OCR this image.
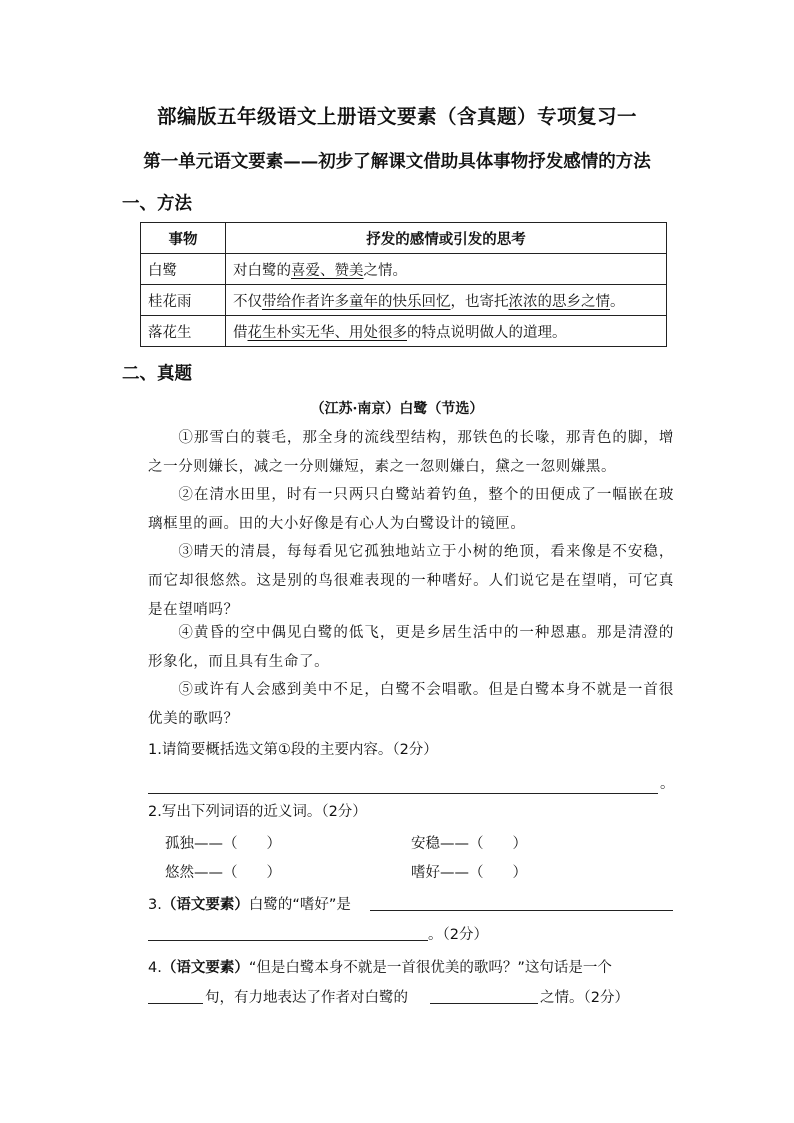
部编版五年级语文上册语文要素（含真题）专项复习一
第一单元语文要素——初步了解课文借助具体事物抒发感情的方法
一、方法
事物	抒发的感情或引发的思考
白鹭	对白鹭的喜爱、赞美之情。
桂花雨	不仅带给作者许多童年的快乐回忆，也寄托浓浓的思乡之情。
落花生	借花生朴实无华、用处很多的特点说明做人的道理。
二、真题
（江苏·南京）白鹭（节选）
①那雪白的蓑毛，那全身的流线型结构，那铁色的长喙，那青色的脚，增之一分则嫌长，减之一分则嫌短，素之一忽则嫌白，黛之一忽则嫌黑。
②在清水田里，时有一只两只白鹭站着钓鱼，整个的田便成了一幅嵌在玻璃框里的画。田的大小好像是有心人为白鹭设计的镜匣。
③晴天的清晨，每每看见它孤独地站立于小树的绝顶，看来像是不安稳，而它却很悠然。这是别的鸟很难表现的一种嗜好。人们说它是在望哨，可它真是在望哨吗？
④黄昏的空中偶见白鹭的低飞，更是乡居生活中的一种恩惠。那是清澄的形象化，而且具有生命了。
⑤或许有人会感到美中不足，白鹭不会唱歌。但是白鹭本身不就是一首很优美的歌吗？
1.请简要概括选文第①段的主要内容。（2分）
。
2.写出下列词语的近义词。（2分）
孤独——（　　）	安稳——（　　）
悠然——（　　）	嗜好——（　　）
3.（语文要素）白鹭的“嗜好”是
。（2分）
4.（语文要素）“但是白鹭本身不就是一首很优美的歌吗？”这句话是一个
句，有力地表达了作者对白鹭的	之情。（2分）
